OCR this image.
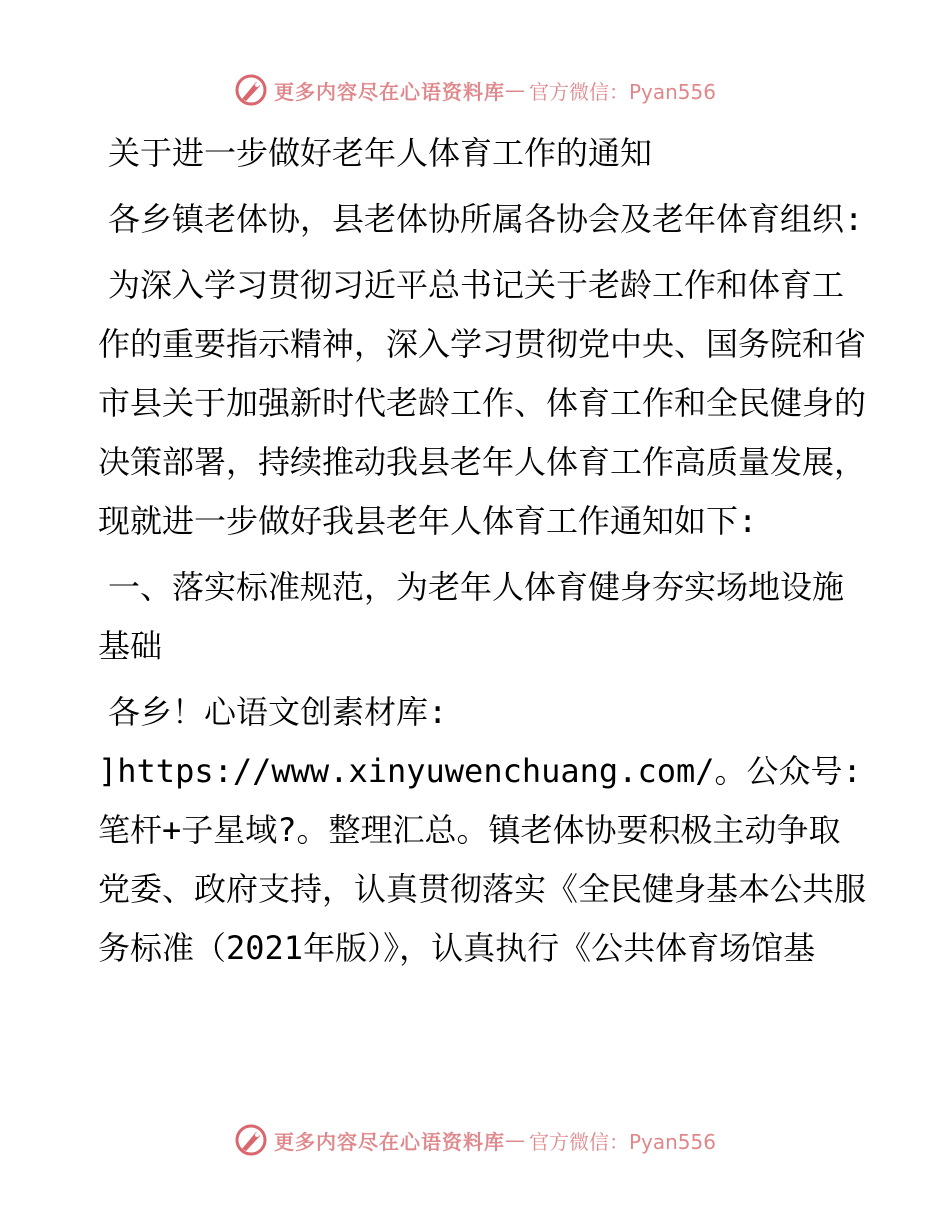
更多内容尽在心语资料库 — 官方微信：Pyan556

关于进一步做好老年人体育工作的通知

各乡镇老体协，县老体协所属各协会及老年体育组织:

为深入学习贯彻习近平总书记关于老龄工作和体育工作的重要指示精神，深入学习贯彻党中央、国务院和省市县关于加强新时代老龄工作、体育工作和全民健身的决策部署，持续推动我县老年人体育工作高质量发展，现就进一步做好我县老年人体育工作通知如下:

一、落实标准规范，为老年人体育健身夯实场地设施基础

各乡！心语文创素材库: ]https://www.xinyuwenchuang.com/。公众号: 笔杆+子星域?。整理汇总。镇老体协要积极主动争取党委、政府支持，认真贯彻落实《全民健身基本公共服务标准（2021年版）》，认真执行《公共体育场馆基

更多内容尽在心语资料库 — 官方微信：Pyan556
